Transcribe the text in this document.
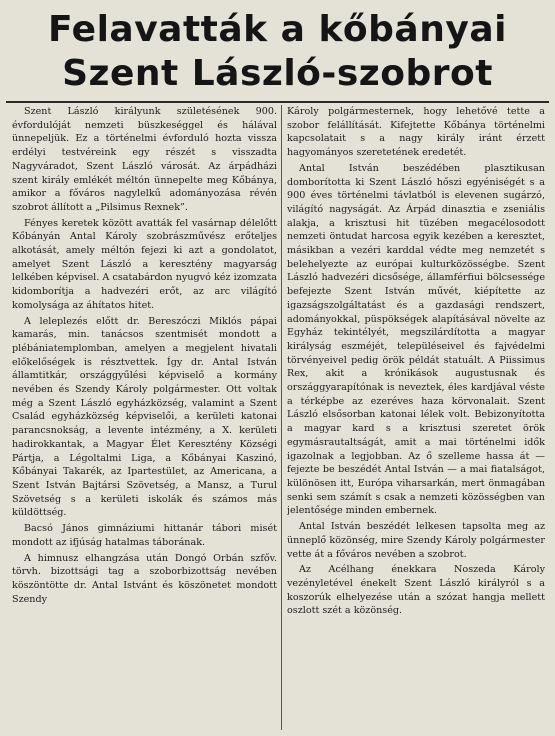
Felavatták a kőbányai
Szent László-szobrot

Szent László királyunk születésének 900. évfordulóját nemzeti büszkeséggel és hálával ünnepeljük. Ez a történelmi évforduló hozta vissza erdélyi testvéreink egy részét s visszadta Nagyváradot, Szent László városát. Az árpádházi szent király emlékét méltón ünnepelte meg Kőbánya, amikor a főváros nagylelkű adományozása révén szobrot állított a „Pilsimus Rexnek”.

Fényes keretek között avatták fel vasárnap délelőtt Kőbányán Antal Károly szobrászművész erőteljes alkotását, amely méltón fejezi ki azt a gondolatot, amelyet Szent László a keresztény magyarság lelkében képvisel. A csatabárdon nyugvó kéz izomzata kidomborítja a hadvezéri erőt, az arc világító komolysága az áhítatos hitet.

A leleplezés előtt dr. Bereszóczi Miklós pápai kamarás, min. tanácsos szentmisét mondott a plébániatemplomban, amelyen a megjelent hivatali előkelőségek is résztvettek. Így dr. Antal István államtitkár, országgyűlési képviselő a kormány nevében és Szendy Károly polgármester. Ott voltak még a Szent László egyházközség, valamint a Szent Család egyházközség képviselői, a kerületi katonai parancsnokság, a levente intézmény, a X. kerületi hadirokkantak, a Magyar Élet Keresztény Községi Pártja, a Légoltalmi Liga, a Kőbányai Kaszinó, Kőbányai Takarék, az Ipartestület, az Americana, a Szent István Bajtársi Szövetség, a Mansz, a Turul Szövetség s a kerületi iskolák és számos más küldöttség.

Bacsó János gimnáziumi hittanár tábori misét mondott az ifjúság hatalmas táborának.

A himnusz elhangzása után Dongó Orbán szfőv. törvh. bizottsági tag a szoborbizottság nevében köszöntötte dr. Antal Istvánt és köszönetet mondott Szendy

Károly polgármesternek, hogy lehetővé tette a szobor felállítását. Kifejtette Kőbánya történelmi kapcsolatait s a nagy király iránt érzett hagyományos szeretetének eredetét.

Antal István beszédében plasztikusan domborította ki Szent László hőszi egyéniségét s a 900 éves történelmi távlatból is elevenen sugárzó, világító nagyságát. Az Árpád dinasztia e zseniális alakja, a krisztusi hit tüzében megacélosodott nemzeti öntudat harcosa egyik kezében a keresztet, másikban a vezéri karddal védte meg nemzetét s belehelyezte az európai kulturközösségbe. Szent László hadvezéri dicsősége, államférfiui bölcsessége befejezte Szent István művét, kiépítette az igazságszolgáltatást és a gazdasági rendszert, adományokkal, püspökségek alapításával növelte az Egyház tekintélyét, megszilárdította a magyar királyság eszméjét, településeivel és fajvédelmi törvényeivel pedig örök példát statuált. A Piissimus Rex, akit a krónikások augustusnak és országgyarapítónak is neveztek, éles kardjával véste a térképbe az ezeréves haza körvonalait. Szent László elsősorban katonai lélek volt. Bebizonyította a magyar kard s a krisztusi szeretet örök egymásrautaltságát, amit a mai történelmi idők igazolnak a legjobban. Az ő szelleme hassa át — fejezte be beszédét Antal István — a mai fiatalságot, különösen itt, Európa viharsarkán, mert önmagában senki sem számít s csak a nemzeti közösségben van jelentősége minden embernek.

Antal István beszédét lelkesen tapsolta meg az ünneplő közönség, mire Szendy Károly polgármester vette át a főváros nevében a szobrot.

Az Acélhang énekkara Noszeda Károly vezényletével énekelt Szent László királyról s a koszorúk elhelyezése után a szózat hangja mellett oszlott szét a közönség.
